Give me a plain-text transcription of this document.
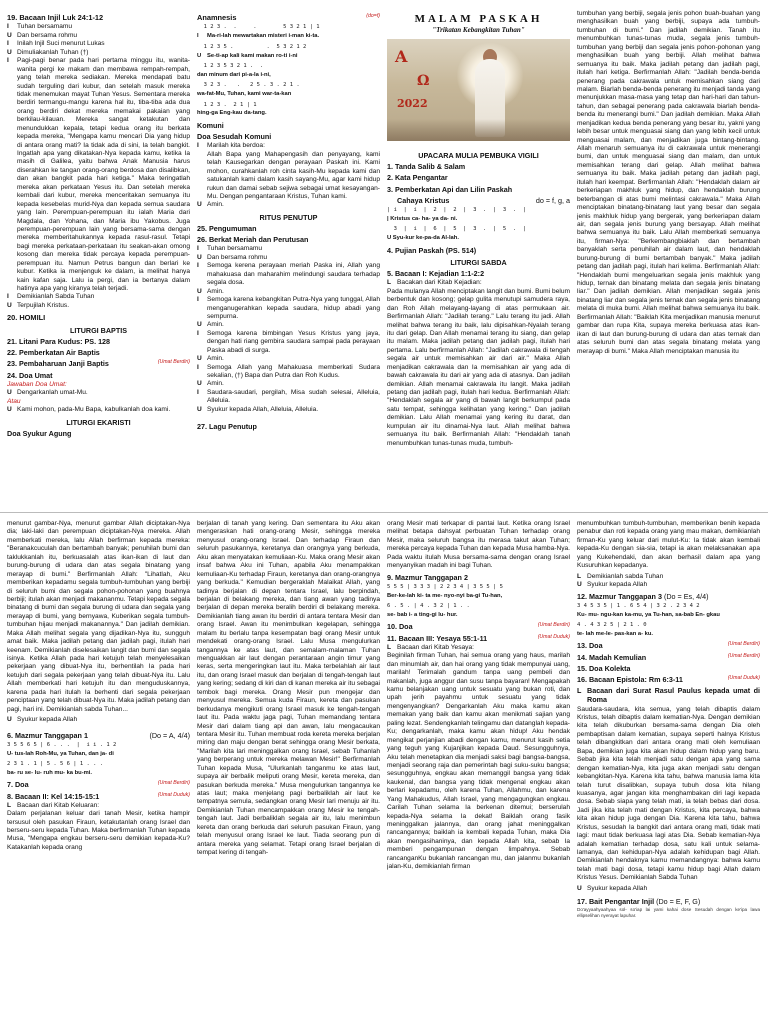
19. Bacaan Injil Luk 24:1-12
I	Tuhan bersamamu
U Dan bersama rohmu
I	Inilah Injil Suci menurut Lukas
U Dimuliakanlah Tuhan (†)
I	Pagi-pagi benar pada hari pertama minggu itu, wanita-wanita pergi ke makam dan membawa rempah-rempah, yang telah mereka sediakan. Mereka mendapati batu sudah terguling dari kubur, dan setelah masuk mereka tidak menemukan mayat Tuhan Yesus. Sementara mereka berdiri termangu-mangu karena hal itu, tiba-tiba ada dua orang berdiri dekat mereka memakai pakaian yang berkilau-kilauan. Mereka sangat ketakutan dan menundukkan kepala, tetapi kedua orang itu berkata kepada mereka, "Mengapa kamu mencari Dia yang hidup di antara orang mati? Ia tidak ada di sini, Ia telah bangkit. Ingatlah apa yang dikatakan-Nya kepada kamu, ketika Ia masih di Galilea, yaitu bahwa Anak Manusia harus diserahkan ke tangan orang-orang berdosa dan disalibkan, dan akan bangkit pada hari ketiga." Maka teringatlah mereka akan perkataan Yesus itu. Dan setelah mereka kembali dari kubur, mereka menceritakan semuanya itu kepada kesebelas murid-Nya dan kepada semua saudara yang lain. Perempuan-perempuan itu ialah Maria dari Magdala, dan Yohana, dan Maria ibu Yakobus. Juga perempuan-perempuan lain yang bersama-sama dengan mereka memberitahukannya kepada rasul-rasul. Tetapi bagi mereka perkataan-perkataan itu seakan-akan omong kosong dan mereka tidak percaya kepada perempuan-perempuan itu. Namun Petrus bangun dan berlari ke kubur. Ketika ia menjenguk ke dalam, ia melihat hanya kain kafan saja. Lalu ia pergi, dan ia bertanya dalam hatinya apa yang kiranya telah terjadi.
I	Demikianlah Sabda Tuhan
U Terpujilah Kristus.
20. HOMILI
LITURGI BAPTIS
21. Litani Para Kudus: PS. 128
22. Pemberkatan Air Baptis
23. Pembaharuan Janji Baptis	(Umat Berdiri)
24. Doa Umat
Jawaban Doa Umat:
U Dengarkanlah umat-Mu.
Atau
U Kami mohon, pada-Mu Bapa, kabulkanlah doa kami.
LITURGI EKARISTI
Doa Syukur Agung
Anamnesis	(do=f)
1 2 3 .  .     .        5 3 2 1 | 1
I Ma-ri-lah mewartakan misteri i-man ki-ta.
1 2 3 5 .          .  5 3 2 1 2
U Se-ti-ap kali kami makan ro-ti i-ni
1 2 3 5 3 2 1 .  .
dan minum dari pi-a-la i-ni,
3 2 3 .   .   2 5 . 3 . 2 1 .
wa-fat-Mu, Tuhan, kami war-ta-kan
1 2 3 .  2 1 | 1
hing-ga Eng-kau da-tang.
Komuni
Doa Sesudah Komuni
I	Marilah kita berdoa:
Allah Bapa yang Mahapengasih dan penyayang, kami telah Kausegarkan dengan perayaan Paskah ini. Kami mohon, curahkanlah roh cinta kasih-Mu kepada kami dan satukanlah kami dalam kasih sayang-Mu, agar kami hidup rukun dan damai sebab sejiwa sebagai umat kesayangan-Mu. Dengan pengantaraan Kristus, Tuhan kami.
U Amin.
RITUS PENUTUP
25. Pengumuman
26. Berkat Meriah dan Perutusan
I	Tuhan bersamamu
U Dan bersama rohmu
I	Semoga kerena perayaan meriah Paska ini, Allah yang mahakuasa dan maharahim melindungi saudara terhadap segala dosa.
U Amin.
I	Semoga karena kebangkitan Putra-Nya yang tunggal, Allah menganugerahkan kepada saudara, hidup abadi yang sempurna.
U Amin.
I	Semoga karena bimbingan Yesus Kristus yang jaya, dengan hati riang gembira saudara sampai pada perayaan Paska abadi di surga.
U Amin.
I	Semoga Allah yang Mahakuasa memberkati Sudara sekalian, (†) Bapa dan Putra dan Roh Kudus.
U Amin.
I	Saudara-saudari, pergilah, Misa sudah selesai, Alleluia, Alleluia.
U Syukur kepada Allah, Alleluia, Alleluia.
27. Lagu Penutup
MALAM PASKAH
"Trikatan Kebangkitan Tuhan"
A
Ω
2022
UPACARA MULIA PEMBUKA VIGILI
1. Tanda Salib & Salam
2. Kata Pengantar
3. Pemberkatan Api dan Lilin Paskah
Cahaya Kristus	do = f, g, a
| i  |  i  |  2  |  2  |  3  .  |  3  .  |
| Kristus ca- ha- ya da- ni.
3  |  i  |  6  |  5  |  3  .  |  5  .  |
U Syu-kur ke-pa-da Al-lah.
4. Pujian Paskah (PS. 514)
LITURGI SABDA
5. Bacaan I: Kejadian 1:1-2:2
L Bacakan dari Kitab Kejadian:

Pada mulanya Allah menciptakan langit dan bumi. Bumi belum berbentuk dan kosong; gelap gulita menutupi samudera raya, dan Roh Allah melayang-layang di atas permukaan air. Berfirmanlah Allah: "Jadilah terang." Lalu terang itu jadi. Allah melihat bahwa terang itu baik, lalu dipisahkan-Nyalah terang itu dari gelap. Dan Allah menamai terang itu siang, dan gelap itu malam. Maka jadilah petang dan jadilah pagi, itulah hari pertama. Lalu berfirmanlah Allah: "Jadilah cakrawala di tengah segala air untuk memisahkan air dari air." Maka Allah menjadikan cakrawala dan Ia memisahkan air yang ada di bawah cakrawala itu dari air yang ada di atasnya. Dan jadilah demikian. Allah menamai cakrawala itu langit. Maka jadilah petang dan jadilah pagi, itulah hari kedua. Berfirmanlah Allah: "Hendaklah segala air yang di bawah langit berkumpul pada satu tempat, sehingga kelihatan yang kering." Dan jadilah demikian. Lalu Allah menamai yang kering itu darat, dan kumpulan air itu dinamai-Nya laut. Allah melihat bahwa semuanya itu baik. Berfirmanlah Allah: "Hendaklah tanah menumbuhkan tunas-tunas muda, tumbuh-

tumbuhan yang berbiji, segala jenis pohon buah-buahan yang menghasilkan buah yang berbiji, supaya ada tumbuh-tumbuhan di bumi." Dan jadilah demikian. Tanah itu menumbuhkan tunas-tunas muda, segala jenis tumbuh-tumbuhan yang berbiji dan segala jenis pohon-pohonan yang menghasilkan buah yang berbiji. Allah melihat bahwa semuanya itu baik. Maka jadilah petang dan jadilah pagi, itulah hari ketiga. Berfirmanlah Allah: "Jadilah benda-benda penerang pada cakrawala untuk memisahkan siang dari malam. Biarlah benda-benda penerang itu menjadi tanda yang menunjukkan masa-masa yang tetap dan hari-hari dan tahun-tahun, dan sebagai penerang pada cakrawala biarlah benda-benda itu menerangi bumi." Dan jadilah demikian. Maka Allah menjadikan kedua benda penerang yang besar itu, yakni yang lebih besar untuk menguasai siang dan yang lebih kecil untuk menguasai malam, dan menjadikan juga bintang-bintang. Allah menaruh semuanya itu di cakrawala untuk menerangi bumi, dan untuk menguasai siang dan malam, dan untuk memisahkan terang dari gelap. Allah melihat bahwa semuanya itu baik. Maka jadilah petang dan jadilah pagi, itulah hari keempat. Berfirmanlah Allah: "Hendaklah dalam air berkeriapan makhluk yang hidup, dan hendaklah burung beterbangan di atas bumi melintasi cakrawala." Maka Allah menciptakan binatang-binatang laut yang besar dan segala jenis makhluk hidup yang bergerak, yang berkeriapan dalam air, dan segala jenis burung yang bersayap. Allah melihat bahwa semuanya itu baik. Lalu Allah memberkati semuanya itu, firman-Nya: "Berkembangbiaklah dan bertambah banyaklah serta penuhilah air dalam laut, dan hendaklah burung-burung di bumi bertambah banyak." Maka jadilah petang dan jadilah pagi, itulah hari kelima. Berfirmanlah Allah: "Hendaklah bumi mengeluarkan segala jenis makhluk yang hidup, ternak dan binatang melata dan segala jenis binatang liar." Dan jadilah demikian. Allah menjadikan segala jenis binatang liar dan segala jenis ternak dan segala jenis binatang melata di muka bumi. Allah melihat bahwa semuanya itu baik. Berfirmanlah Allah: "Baiklah Kita menjadikan manusia menurut gambar dan rupa Kita, supaya mereka berkuasa atas ikan-ikan di laut dan burung-burung di udara dan atas ternak dan atas seluruh bumi dan atas segala binatang melata yang merayap di bumi." Maka Allah menciptakan manusia itu

menurut gambar-Nya, menurut gambar Allah diciptakan-Nya dia; laki-laki dan perempuan diciptakan-Nya mereka. Allah memberkati mereka, lalu Allah berfirman kepada mereka: "Beranakcuculah dan bertambah banyak; penuhilah bumi dan taklukkanlah itu, berkuasalah atas ikan-ikan di laut dan burung-burung di udara dan atas segala binatang yang merayap di bumi." Berfirmanlah Allah: "Lihatlah, Aku memberikan kepadamu segala tumbuh-tumbuhan yang berbiji di seluruh bumi dan segala pohon-pohonan yang buahnya berbiji; itulah akan menjadi makananmu. Tetapi kepada segala binatang di bumi dan segala burung di udara dan segala yang merayap di bumi, yang bernyawa, Kuberikan segala tumbuh-tumbuhan hijau menjadi makanannya." Dan jadilah demikian. Maka Allah melihat segala yang dijadikan-Nya itu, sungguh amat baik. Maka jadilah petang dan jadilah pagi, itulah hari keenam. Demikianlah diselesaikan langit dan bumi dan segala isinya. Ketika Allah pada hari ketujuh telah menyelesaikan pekerjaan yang dibuat-Nya itu, berhentilah Ia pada hari ketujuh dari segala pekerjaan yang telah dibuat-Nya itu. Lalu Allah memberkati hari ketujuh itu dan menguduskannya, karena pada hari itulah Ia berhenti dari segala pekerjaan penciptaan yang telah dibuat-Nya itu. Maka jadilah petang dan pagi, hari ini. Demikianlah sabda Tuhan...

U Syukur kepada Allah
6. Mazmur Tanggapan 1	(Do = A, 4/4)
3 5 5 6 5 | 6 . . .  |  i i . 1 2
U- tus-lah Roh-Mu, ya Tuhan, dan ja- di
2 3 1 . 1 | 5 . 5 6 | 1 . . .
ba- ru se- lu- ruh mu- ka bu-mi.
7. Doa	(Umat Berdiri)
8. Bacaan II: Kel 14:15-15:1	(Umat Duduk)
L Bacaan dari Kitab Keluaran:

Dalam perjalanan keluar dari tanah Mesir, ketika hampir tersusul oleh pasukan Firaun, ketakutanlah orang Israel dan berseru-seru kepada Tuhan. Maka berfirmanlah Tuhan kepada Musa, "Mengapa engkau berseru-seru demikian kepada-Ku? Katakanlah kepada orang

berjalan di tanah yang kering. Dan sementara itu Aku akan mengeraskan hati orang-orang Mesir, sehingga mereka menyusul orang-orang Israel. Dan terhadap Firaun dan seluruh pasukannya, keretanya dan orangnya yang berkuda, Aku akan menyatakan kemuliaan-Ku. Maka orang Mesir akan insaf bahwa Aku ini Tuhan, apabila Aku menampakkan kemuliaan-Ku terhadap Firaun, keretanya dan orang-orangnya yang berkuda." Kemudian bergeraklah Malaikat Allah, yang tadinya berjalan di depan tentara Israel, lalu berpindah, berjalan di belakang mereka, dan tiang awan yang tadinya berjalan di depan mereka beralih berdiri di belakang mereka. Demikianlah tiang awan itu berdiri di antara tentara Mesir dan orang Israel. Awan itu menimbulkan kegelapan, sehingga malam itu berlalu tanpa kesempatan bagi orang Mesir untuk mendekati orang-orang Israel. Lalu Musa mengulurkan tangannya ke atas laut, dan semalam-malaman Tuhan menguakkan air laut dengan perantaraan angin timur yang keras, serta mengeringkan laut itu. Maka terbelahlah air laut itu, dan orang Israel masuk dan berjalan di tengah-tengah laut yang kering; sedang di kiri dan di kanan mereka air itu sebagai tembok bagi mereka. Orang Mesir pun mengejar dan menyusul mereka. Semua kuda Firaun, kereta dan pasukan berkudanya mengikuti orang Israel masuk ke tengah-tengah laut itu. Pada waktu jaga pagi, Tuhan memandang tentara Mesir dari dalam tiang api dan awan, lalu mengacaukan tentara Mesir itu. Tuhan membuat roda kereta mereka berjalan miring dan maju dengan berat sehingga orang Mesir berkata, "Marilah kita lari meninggalkan orang Israel, sebab Tuhanlah yang berperang untuk mereka melawan Mesir!" Berfirmanlah Tuhan kepada Musa, "Ulurkanlah tanganmu ke atas laut, supaya air berbalik meliputi orang Mesir, kereta mereka, dan pasukan berkuda mereka." Musa mengulurkan tangannya ke atas laut; maka menjelang pagi berbaliklah air laut ke tempatnya semula, sedangkan orang Mesir lari menuju air itu. Demikianlah Tuhan mencampakkan orang Mesir ke tengah-tengah laut. Jadi berbaliklah segala air itu, lalu menimbun kereta dan orang berkuda dari seluruh pasukan Firaun, yang telah menyusul orang Israel ke laut. Tiada seorang pun di antara mereka yang selamat. Tetapi orang Israel berjalan di tempat kering di tengah-

orang Mesir mati terkapar di pantai laut. Ketika orang Israel melihat betapa dahsyat perbuatan Tuhan terhadap orang Mesir, maka seluruh bangsa itu merasa takut akan Tuhan; mereka percaya kepada Tuhan dan kepada Musa hamba-Nya. Pada waktu itulah Musa bersama-sama dengan orang Israel menyanyikan madah ini bagi Tuhan.

9. Mazmur Tanggapan 2
5 5 5 | 3 3 3 | 2 2 3 4 | 3 5 5 | 5
Ber-ke-lah ki- ta me- nyo-nyi ba-gi Tu-han,
6 . 5 . | 4 . 3 2 | 1 . .
se- bab i- a ting-gi lu- hur.
10. Doa	(Umat Berdiri)
11. Bacaan III: Yesaya 55:1-11	(Umat Duduk)
L Bacaan dari Kitab Yesaya:

Beginilah firman Tuhan, hai semua orang yang haus, marilah dan minumlah air, dan hai orang yang tidak mempunyai uang, marilah! Terimalah gandum tanpa uang pembeli dan makanlah, juga anggur dan susu tanpa bayaran! Mengapakah kamu belanjakan uang untuk sesuatu yang bukan roti, dan upah jerih payahmu untuk sesuatu yang tidak mengenyangkan? Dengarkanlah Aku maka kamu akan memakan yang baik dan kamu akan menikmati sajian yang paling lezat. Sendengkanlah telingamu dan datanglah kepada-Ku; dengarkanlah, maka kamu akan hidup! Aku hendak mengikat perjanjian abadi dengan kamu, menurut kasih setia yang teguh yang Kujanjikan kepada Daud. Sesungguhnya, Aku telah menetapkan dia menjadi saksi bagi bangsa-bangsa, menjadi seorang raja dan pemerintah bagi suku-suku bangsa; sesungguhnya, engkau akan memanggil bangsa yang tidak kaukenal, dan bangsa yang tidak mengenal engkau akan berlari kepadamu, oleh karena Tuhan, Allahmu, dan karena Yang Mahakudus, Allah Israel, yang mengagungkan engkau. Carilah Tuhan selama Ia berkenan ditemui; berserulah kepada-Nya selama Ia dekat! Baiklah orang fasik meninggalkan jalannya, dan orang jahat meninggalkan rancangannya; baiklah ia kembali kepada Tuhan, maka Dia akan mengasihaninya, dan kepada Allah kita, sebab Ia memberi pengampunan dengan limpahnya. Sebab rancanganKu bukanlah rancangan mu, dan jalanmu bukanlah jalan-Ku, demikianlah firman

menumbuhkan tumbuh-tumbuhan, memberikan benih kepada penabur dan roti kepada orang yang mau makan, demikianlah firman-Ku yang keluar dari mulut-Ku: Ia tidak akan kembali kepada-Ku dengan sia-sia, tetapi ia akan melaksanakan apa yang Kukehendaki, dan akan berhasil dalam apa yang Kusuruhkan kepadanya.

L Demikianlah sabda Tuhan
U Syukur kepada Allah
12. Mazmur Tanggapan 3 (Do = Es, 4/4)
3 4 5 3 5 | 1 . 6 5 4 | 3 2 . 2 3 4 2
Ku- mu- ngu-kan ka-mu, ya Tu-han, sa-bab En- gkau
4 . 4 3 2 5 | 2 1 . 0
te- lah me-le- pas-kan a- ku.
13. Doa	(Umat Berdiri)
14. Madah Kemulian	(Umat Berdiri)
15. Doa Kolekta
16. Bacaan Epistola: Rm 6:3-11	(Umat Duduk)
L Bacaan dari Surat Rasul Paulus kepada umat di Roma

Saudara-saudara, kita semua, yang telah dibaptis dalam Kristus, telah dibaptis dalam kematian-Nya. Dengan demikian kita telah dikuburkan bersama-sama dengan Dia oleh pembaptisan dalam kematian, supaya seperti halnya Kristus telah dibangkitkan dari antara orang mati oleh kemuliaan Bapa, demikian juga kita akan hidup dalam hidup yang baru. Sebab jika kita telah menjadi satu dengan apa yang sama dengan kematian-Nya, kita juga akan menjadi satu dengan kebangkitan-Nya. Karena kita tahu, bahwa manusia lama kita telah turut disalibkan, supaya tubuh dosa kita hilang kuasanya, agar jangan kita menghambakan diri lagi kepada dosa. Sebab siapa yang telah mati, ia telah bebas dari dosa. Jadi jika kita telah mati dengan Kristus, kita percaya, bahwa kita akan hidup juga dengan Dia. Karena kita tahu, bahwa Kristus, sesudah Ia bangkit dari antara orang mati, tidak mati lagi: maut tidak berkuasa lagi atas Dia. Sebab kematian-Nya adalah kematian terhadap dosa, satu kali untuk selama-lamanya, dan kehidupan-Nya adalah kehidupan bagi Allah. Demikianlah hendaknya kamu memandangnya: bahwa kamu telah mati bagi dosa, tetapi kamu hidup bagi Allah dalam Kristus Yesus. Demikianlah Sabda Tuhan

U Syukur kepada Allah
17. Bait Pengantar Injil (Do = E, F, G)
Do'ayyaahyaahyaa sol- so'iap lai yami kahai dose Sesudah dengan ke'ipa lawa ellipselihan nyerayat lapuhar.
